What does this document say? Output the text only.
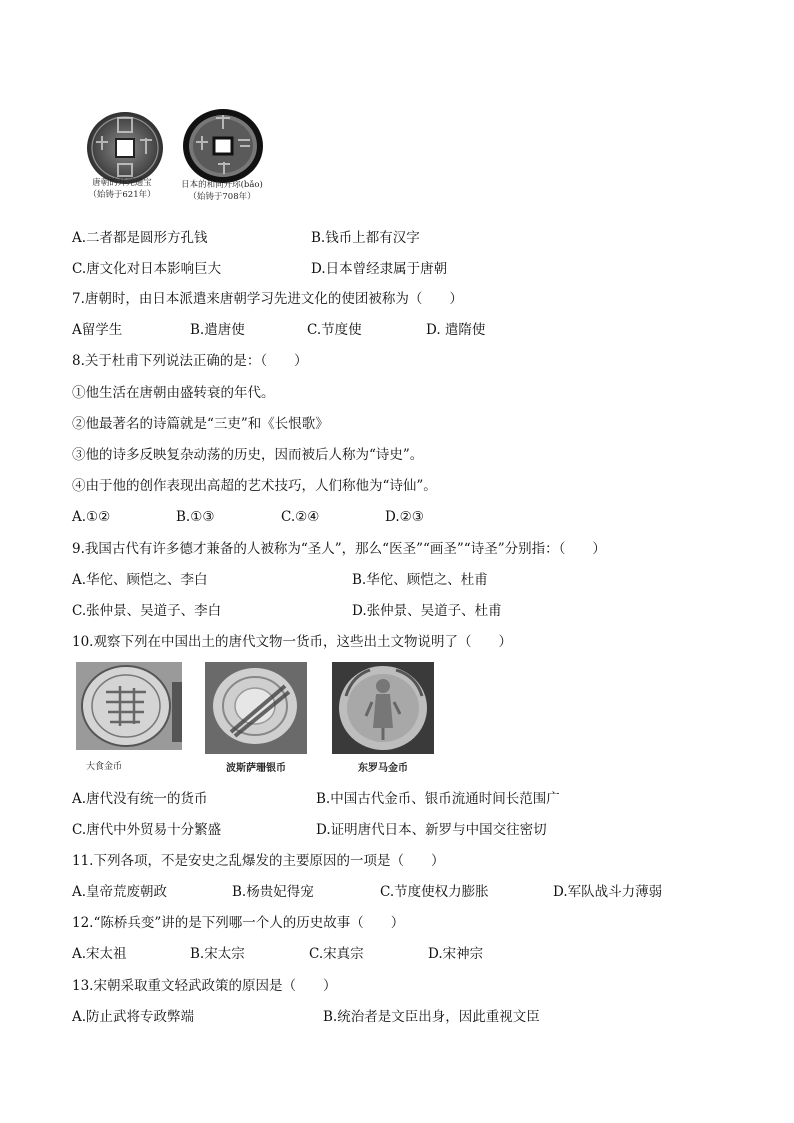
唐朝的开元通宝
（始铸于621年）
日本的和同开珎(bǎo)
（始铸于708年）
A.二者都是圆形方孔钱	B.钱币上都有汉字
C.唐文化对日本影响巨大	D.日本曾经隶属于唐朝
7.唐朝时，由日本派遣来唐朝学习先进文化的使团被称为（　　）
A留学生	B.遣唐使	C.节度使	D. 遣隋使
8.关于杜甫下列说法正确的是：（　　）
①他生活在唐朝由盛转衰的年代。
②他最著名的诗篇就是“三吏”和《长恨歌》
③他的诗多反映复杂动荡的历史，因而被后人称为“诗史”。
④由于他的创作表现出高超的艺术技巧，人们称他为“诗仙”。
A.①②	B.①③	C.②④	D.②③
9.我国古代有许多德才兼备的人被称为“圣人”，那么“医圣”“画圣”“诗圣”分别指：（　　）
A.华佗、顾恺之、李白	B.华佗、顾恺之、杜甫
C.张仲景、吴道子、李白	D.张仲景、吴道子、杜甫
10.观察下列在中国出土的唐代文物一货币，这些出土文物说明了（　　）
大食金币	波斯萨珊银币	东罗马金币
A.唐代没有统一的货币	B.中国古代金币、银币流通时间长范围广
C.唐代中外贸易十分繁盛	D.证明唐代日本、新罗与中国交往密切
11.下列各项，不是安史之乱爆发的主要原因的一项是（　　）
A.皇帝荒废朝政	B.杨贵妃得宠	C.节度使权力膨胀	D.军队战斗力薄弱
12.“陈桥兵变”讲的是下列哪一个人的历史故事（　　）
A.宋太祖	B.宋太宗	C.宋真宗	D.宋神宗
13.宋朝采取重文轻武政策的原因是（　　）
A.防止武将专政弊端	B.统治者是文臣出身，因此重视文臣
